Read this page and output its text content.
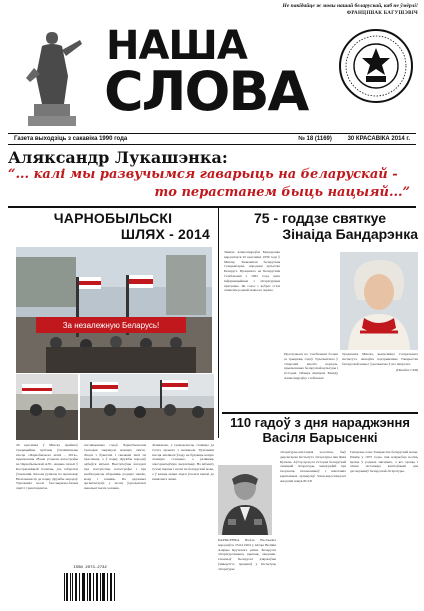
Не пакідайце ж мовы нашай беларускай, каб не ўмёрлі!
ФРАНЦІШАК БАГУШЭВІЧ
НАША
СЛОВА
Газета выходзіць з сакавіка 1990 года	№ 18 (1169)	30 КРАСАВІКА 2014 г.
Аляксандр Лукашэнка:
“... калі мы развучымся гаварыць на беларускай -
то перастанем быць нацыяй...”
ЧАРНОБЫЛЬСКІ
ШЛЯХ - 2014
За незалежную Беларусь!

26 красавіка ў Мінску прайшоў традыцыйны вулічны ўспамінальны шэсце «Чарнобыльскі шлях - 2014», прысвечаны 28-ым угодкам катастрофы на Чарнобыльскай АЭС. Акцыю пачалі ў Кастрычніцкай плошчы, дзе сабраліся ўдзельнікі. Калона рушыла па праспекце Незалежнасці да парку Дружбы народаў. Удзельнікі неслі бел-чырвона-белыя сцягі і транспаранты.

пасляваенных гадоў. Чарнобыльская трагедыя закранула кожную сям’ю. Людзі з букетамі і свечкамі ішлі па праспекце, а ў парку Дружбы народаў адбыўся мітынг. Выступоўцы нагадалі пра наступствы катастрофы і пра неабходнасць абараняць родную зямлю, мову і памяць. Па дадзеных арганізатараў, у шэсці ўдзельнічалі некалькі тысяч чалавек.

абавязкова, а грамадскасць ставіцца да гэтага праекта з непакоем. Удзельнікі шэсця заклікалі ўладу не будаваць новую атамную станцыю, а развіваць альтэрнатыўную энергетыку. На мітынгу гучалі вершы і песні на беларускай мове, а ў канцы акцыі людзі ўсклалі кветкі да памятнага знака.

ISSN 2073-2732
75 - годдзе святкуе
Зінаіда Бандарэнка

Зінаіда Аляксандраўна Бандарэнка нарадзілася 25 красавіка 1939 года ў Мінску. Знакамітая беларуская тэледыктарка, народная артыстка Беларусі. Працавала на Беларускім тэлебачанні з 1961 года, вяла інфармацыйныя і літаратурныя праграмы. Яе голас і вобраз сталі сімвалам роднай мовы на экране.

Праслужыла на тэлебачанні больш за трыццаць гадоў. Удзельнічала ў стварэнні многіх перадач, прысвечаных беларускай культуры і гісторыі. Шчыра віншуем Зінаіду Аляксандраўну з юбілеем!

Ураджэнка Мінска, выпускніца тэатральнага інстытута. Актыўна падтрымлівае Таварыства беларускай мовы і ўдзельнічае ў яго імпрэзах.

(Паводле СМІ)

110 гадоў з дня нараджэння
Васіля Барысенкі

БАРЫСЕНКА Васіль Васільевіч нарадзіўся 25.04.1904 у вёсцы Велікія Азярцы Крупскага раёна. Беларускі літаратуразнавец, крытык, акадэмік. Скончыў Беларускі дзяржаўны ўніверсітэт, працаваў у Інстытуце літаратуры.

літаратурна-мастацкія часопісы, быў дырэктарам Інстытута літаратуры імя Янкі Купалы. Аўтар прац па гісторыі беларускай савецкай літаратуры, манаграфій пра творчасць пісьменнікаў і шматлікіх крытычных артыкулаў. Член-карэспандэнт Акадэміі навук БССР.

Ганаровы член Таварыства беларускай мовы. Памёр у 1975 годзе. Імя навукоўца носіць вуліца ў родных мясцінах, а яго працы і сёння застаюцца каштоўнымі для даследчыкаў беларускай літаратуры.
